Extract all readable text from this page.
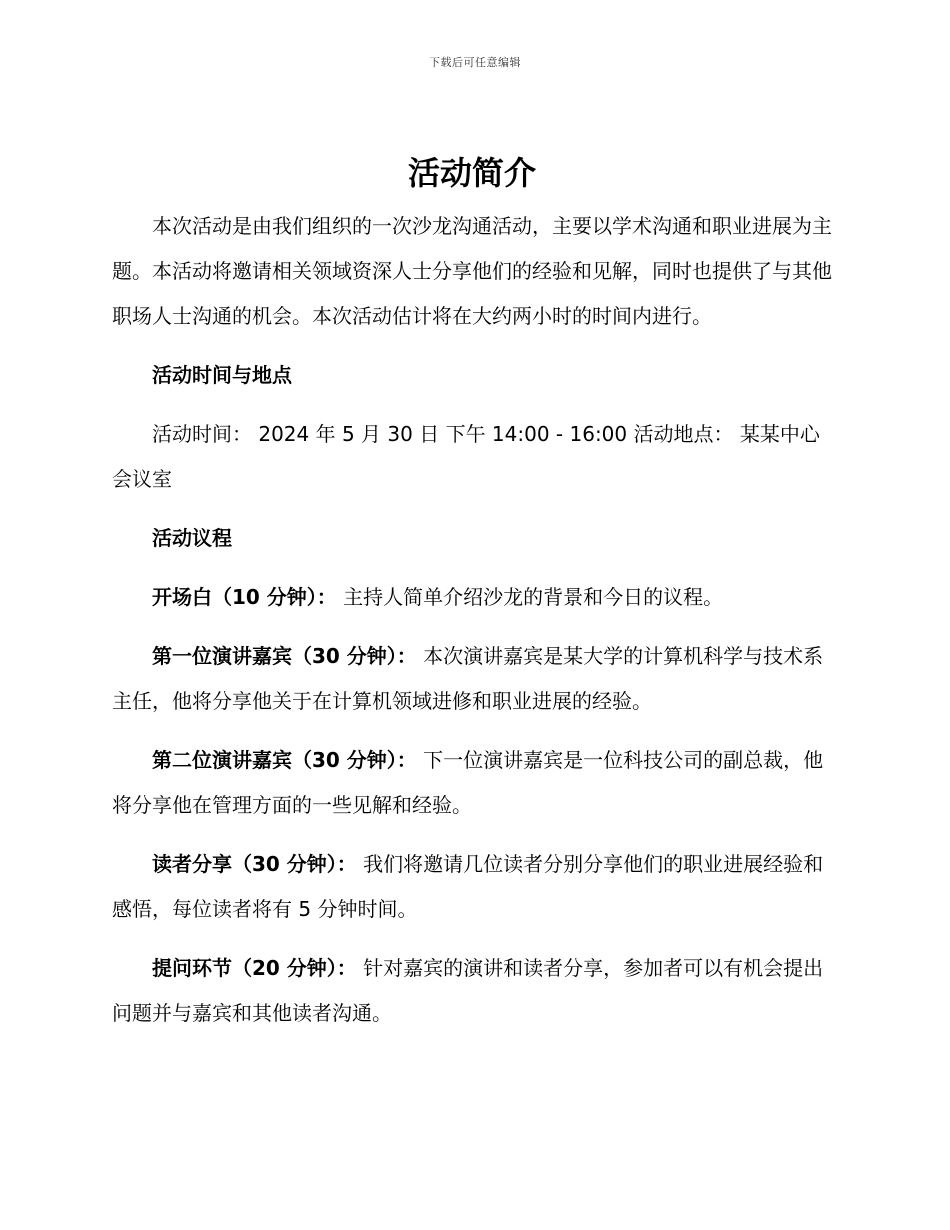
下载后可任意编辑
活动简介

本次活动是由我们组织的一次沙龙沟通活动，主要以学术沟通和职业进展为主题。本活动将邀请相关领域资深人士分享他们的经验和见解，同时也提供了与其他职场人士沟通的机会。本次活动估计将在大约两小时的时间内进行。

活动时间与地点

活动时间： 2024 年 5 月 30 日 下午 14:00 - 16:00 活动地点： 某某中心会议室

活动议程

开场白（10 分钟）： 主持人简单介绍沙龙的背景和今日的议程。

第一位演讲嘉宾（30 分钟）： 本次演讲嘉宾是某大学的计算机科学与技术系主任，他将分享他关于在计算机领域进修和职业进展的经验。

第二位演讲嘉宾（30 分钟）： 下一位演讲嘉宾是一位科技公司的副总裁，他将分享他在管理方面的一些见解和经验。

读者分享（30 分钟）： 我们将邀请几位读者分别分享他们的职业进展经验和感悟，每位读者将有 5 分钟时间。

提问环节（20 分钟）： 针对嘉宾的演讲和读者分享，参加者可以有机会提出问题并与嘉宾和其他读者沟通。
